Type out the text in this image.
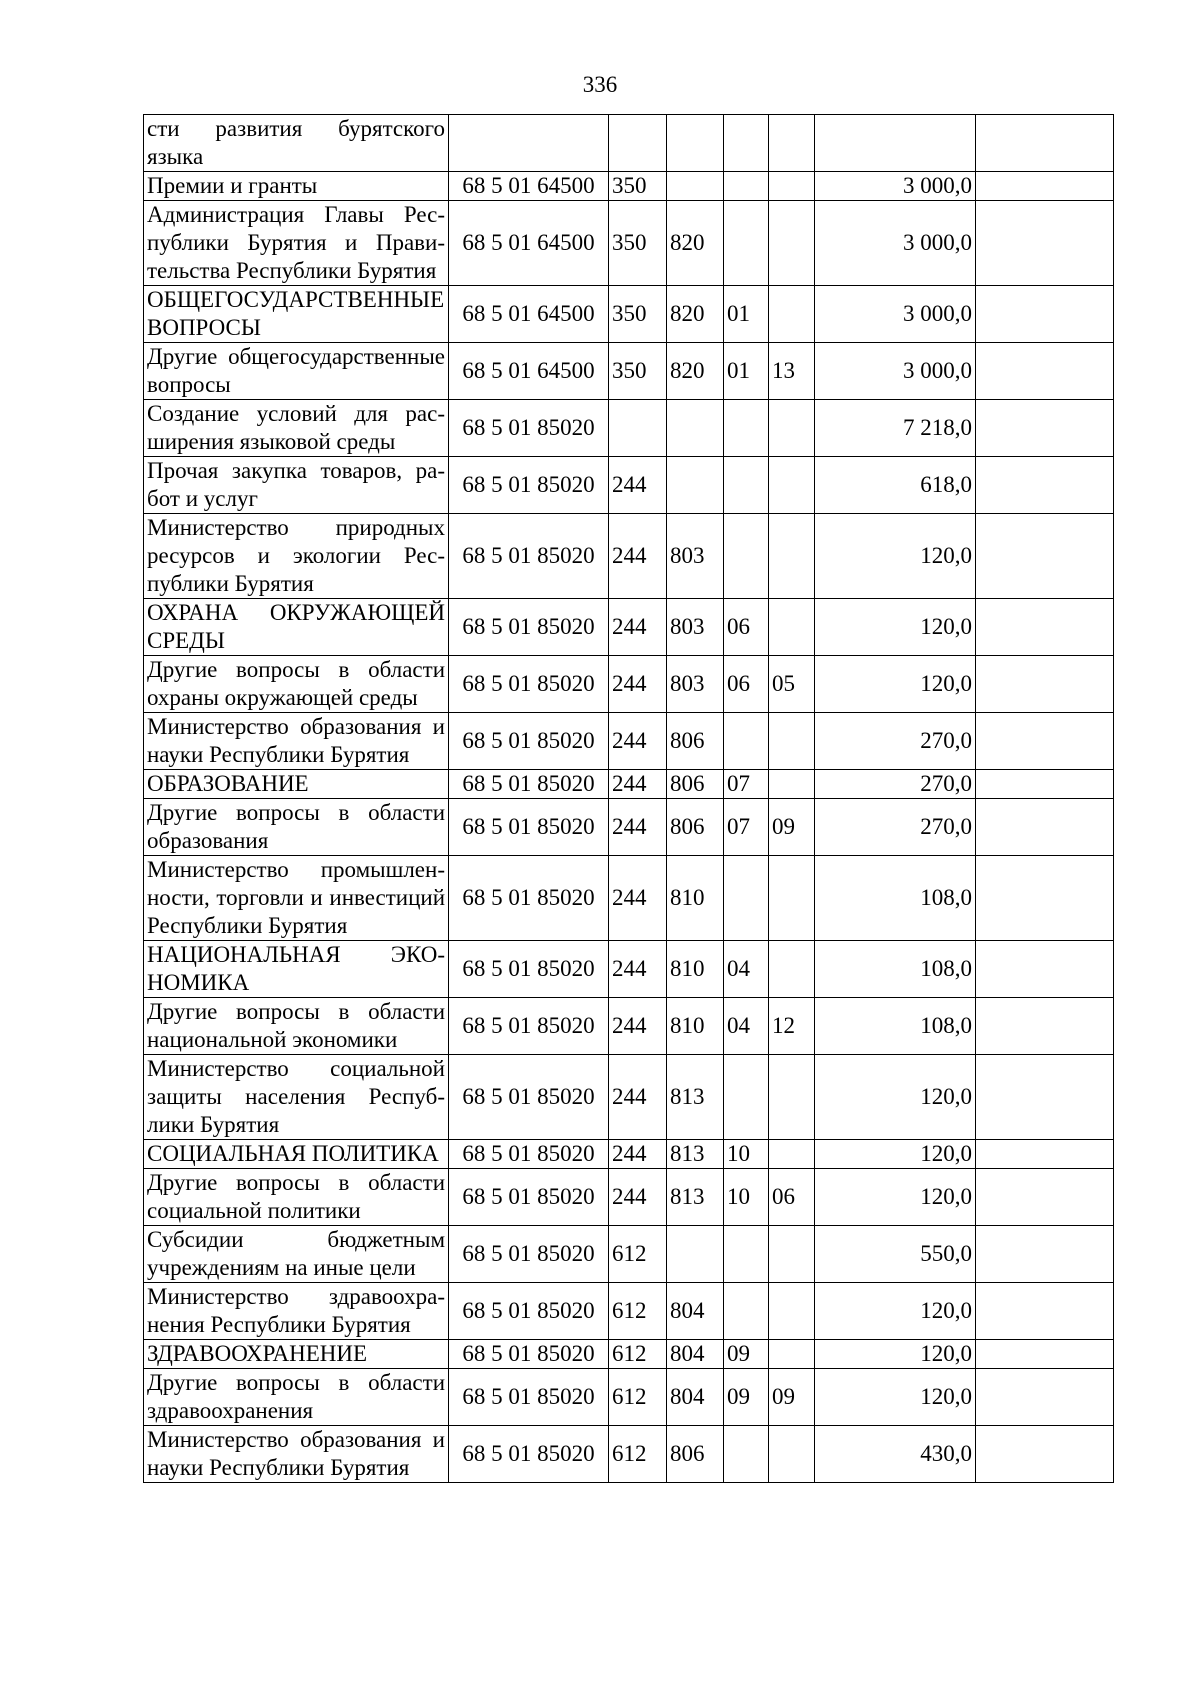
336
сти развития бурятского языка							
Премии и гранты	68 5 01 64500	350				3 000,0	
Администрация Главы Республики Бурятия и Правительства Республики Бурятия	68 5 01 64500	350	820			3 000,0	
ОБЩЕГОСУДАРСТВЕННЫЕ ВОПРОСЫ	68 5 01 64500	350	820	01		3 000,0	
Другие общегосударственные вопросы	68 5 01 64500	350	820	01	13	3 000,0	
Создание условий для расширения языковой среды	68 5 01 85020					7 218,0	
Прочая закупка товаров, работ и услуг	68 5 01 85020	244				618,0	
Министерство природных ресурсов и экологии Республики Бурятия	68 5 01 85020	244	803			120,0	
ОХРАНА ОКРУЖАЮЩЕЙ СРЕДЫ	68 5 01 85020	244	803	06		120,0	
Другие вопросы в области охраны окружающей среды	68 5 01 85020	244	803	06	05	120,0	
Министерство образования и науки Республики Бурятия	68 5 01 85020	244	806			270,0	
ОБРАЗОВАНИЕ	68 5 01 85020	244	806	07		270,0	
Другие вопросы в области образования	68 5 01 85020	244	806	07	09	270,0	
Министерство промышленности, торговли и инвестиций Республики Бурятия	68 5 01 85020	244	810			108,0	
НАЦИОНАЛЬНАЯ ЭКОНОМИКА	68 5 01 85020	244	810	04		108,0	
Другие вопросы в области национальной экономики	68 5 01 85020	244	810	04	12	108,0	
Министерство социальной защиты населения Республики Бурятия	68 5 01 85020	244	813			120,0	
СОЦИАЛЬНАЯ ПОЛИТИКА	68 5 01 85020	244	813	10		120,0	
Другие вопросы в области социальной политики	68 5 01 85020	244	813	10	06	120,0	
Субсидии бюджетным учреждениям на иные цели	68 5 01 85020	612				550,0	
Министерство здравоохранения Республики Бурятия	68 5 01 85020	612	804			120,0	
ЗДРАВООХРАНЕНИЕ	68 5 01 85020	612	804	09		120,0	
Другие вопросы в области здравоохранения	68 5 01 85020	612	804	09	09	120,0	
Министерство образования и науки Республики Бурятия	68 5 01 85020	612	806			430,0	
